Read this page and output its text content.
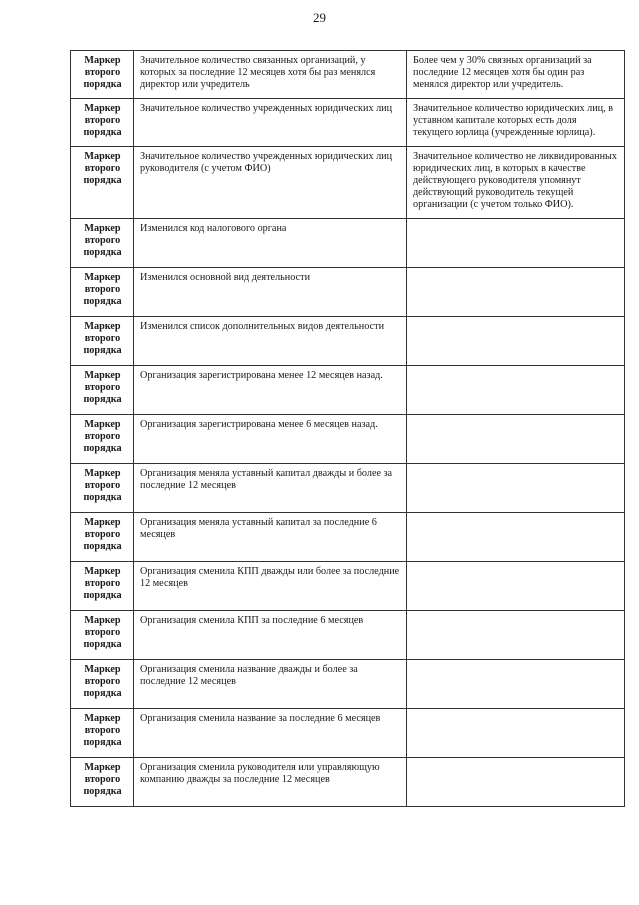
29
Маркер
второго
порядка	Значительное количество связанных организаций, у которых за последние 12 месяцев хотя бы раз менялся директор или учредитель	Более чем у 30% связных организаций за последние 12 месяцев хотя бы один раз менялся директор или учредитель.

Маркер
второго
порядка	Значительное количество учрежденных юридических лиц	Значительное количество юридических лиц, в уставном капитале которых есть доля текущего юрлица (учрежденные юрлица).

Маркер
второго
порядка	Значительное количество учрежденных юридических лиц руководителя (с учетом ФИО)	Значительное количество не ликвидированных юридических лиц, в которых в качестве действующего руководителя упомянут действующий руководитель текущей организации (с учетом только ФИО).

Маркер
второго
порядка	Изменился код налогового органа	

Маркер
второго
порядка	Изменился основной вид деятельности	

Маркер
второго
порядка	Изменился список дополнительных видов деятельности	

Маркер
второго
порядка	Организация зарегистрирована менее 12 месяцев назад.	

Маркер
второго
порядка	Организация зарегистрирована менее 6 месяцев назад.	

Маркер
второго
порядка	Организация меняла уставный капитал дважды и более за последние 12 месяцев	

Маркер
второго
порядка	Организация меняла уставный капитал за последние 6 месяцев	

Маркер
второго
порядка	Организация сменила КПП дважды или более за последние 12 месяцев	

Маркер
второго
порядка	Организация сменила КПП за последние 6 месяцев	

Маркер
второго
порядка	Организация сменила название дважды и более за последние 12 месяцев	

Маркер
второго
порядка	Организация сменила название за последние 6 месяцев	

Маркер
второго
порядка	Организация сменила руководителя или управляющую компанию дважды за последние 12 месяцев	
